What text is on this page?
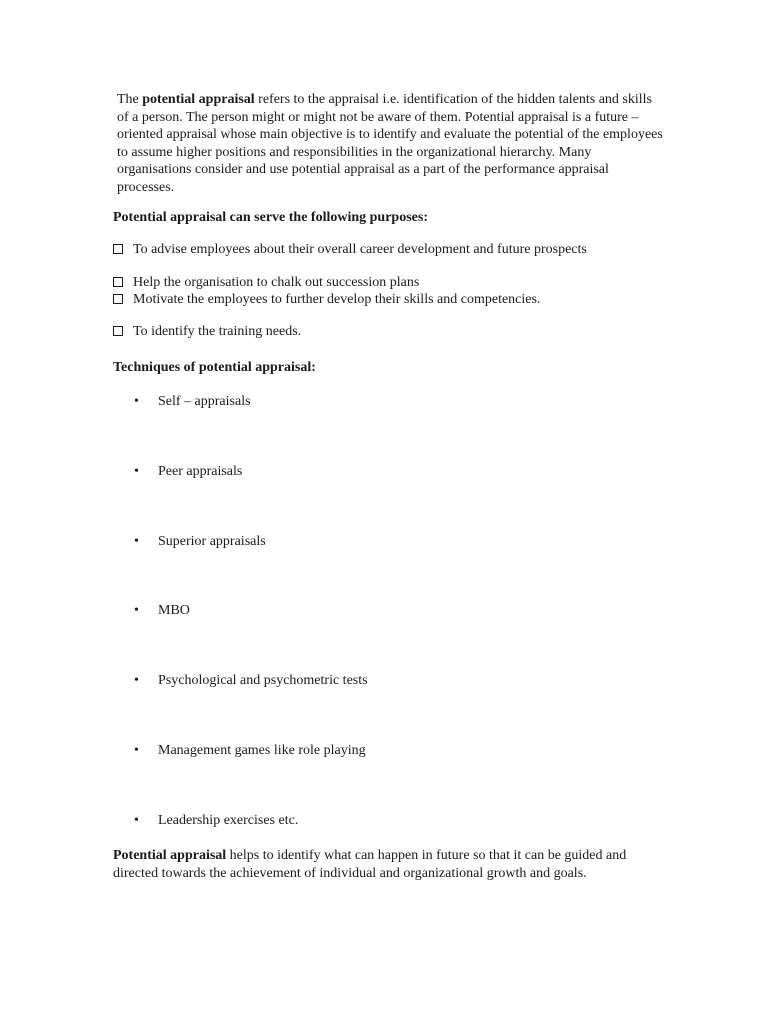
The potential appraisal refers to the appraisal i.e. identification of the hidden talents and skills of a person. The person might or might not be aware of them. Potential appraisal is a future – oriented appraisal whose main objective is to identify and evaluate the potential of the employees to assume higher positions and responsibilities in the organizational hierarchy. Many organisations consider and use potential appraisal as a part of the performance appraisal processes.

Potential appraisal can serve the following purposes:

To advise employees about their overall career development and future prospects

Help the organisation to chalk out succession plans

Motivate the employees to further develop their skills and competencies.

To identify the training needs.

Techniques of potential appraisal:

• Self – appraisals

• Peer appraisals

• Superior appraisals

• MBO

• Psychological and psychometric tests

• Management games like role playing

• Leadership exercises etc.

Potential appraisal helps to identify what can happen in future so that it can be guided and directed towards the achievement of individual and organizational growth and goals.
